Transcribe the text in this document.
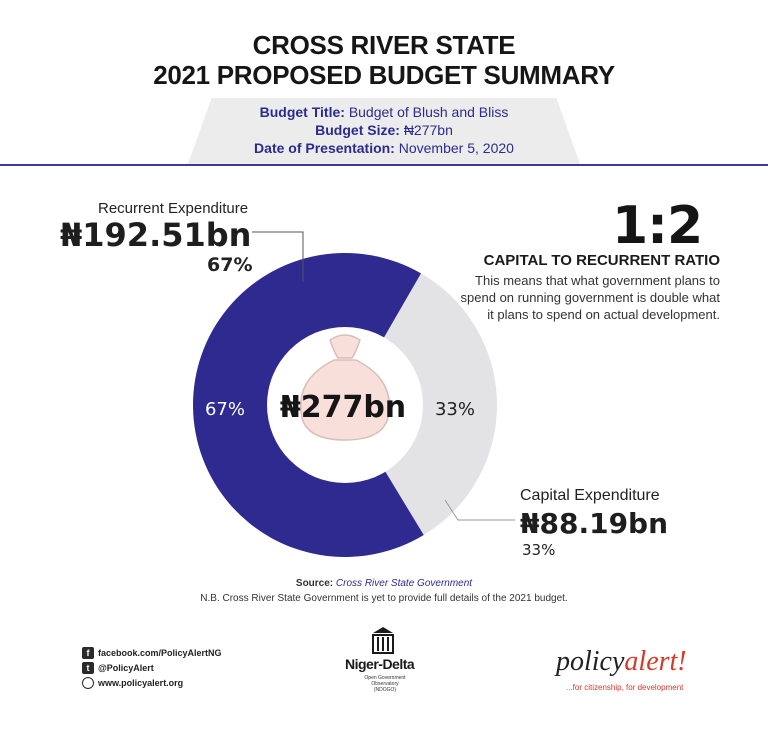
CROSS RIVER STATE
2021 PROPOSED BUDGET SUMMARY
Budget Title: Budget of Blush and Bliss
Budget Size: ₦277bn
Date of Presentation: November 5, 2020
₦277bn
67%	33%
Recurrent Expenditure
₦192.51bn
67%
1:2
CAPITAL TO RECURRENT RATIO
This means that what government plans to spend on running government is double what it plans to spend on actual development.
Capital Expenditure
₦88.19bn
33%
Source: Cross River State Government
N.B. Cross River State Government is yet to provide full details of the 2021 budget.
f facebook.com/PolicyAlertNG
t @PolicyAlert
www.policyalert.org
Niger-Delta
Open Government Observatory (NDOGO)
policyalert!
...for citizenship, for development
